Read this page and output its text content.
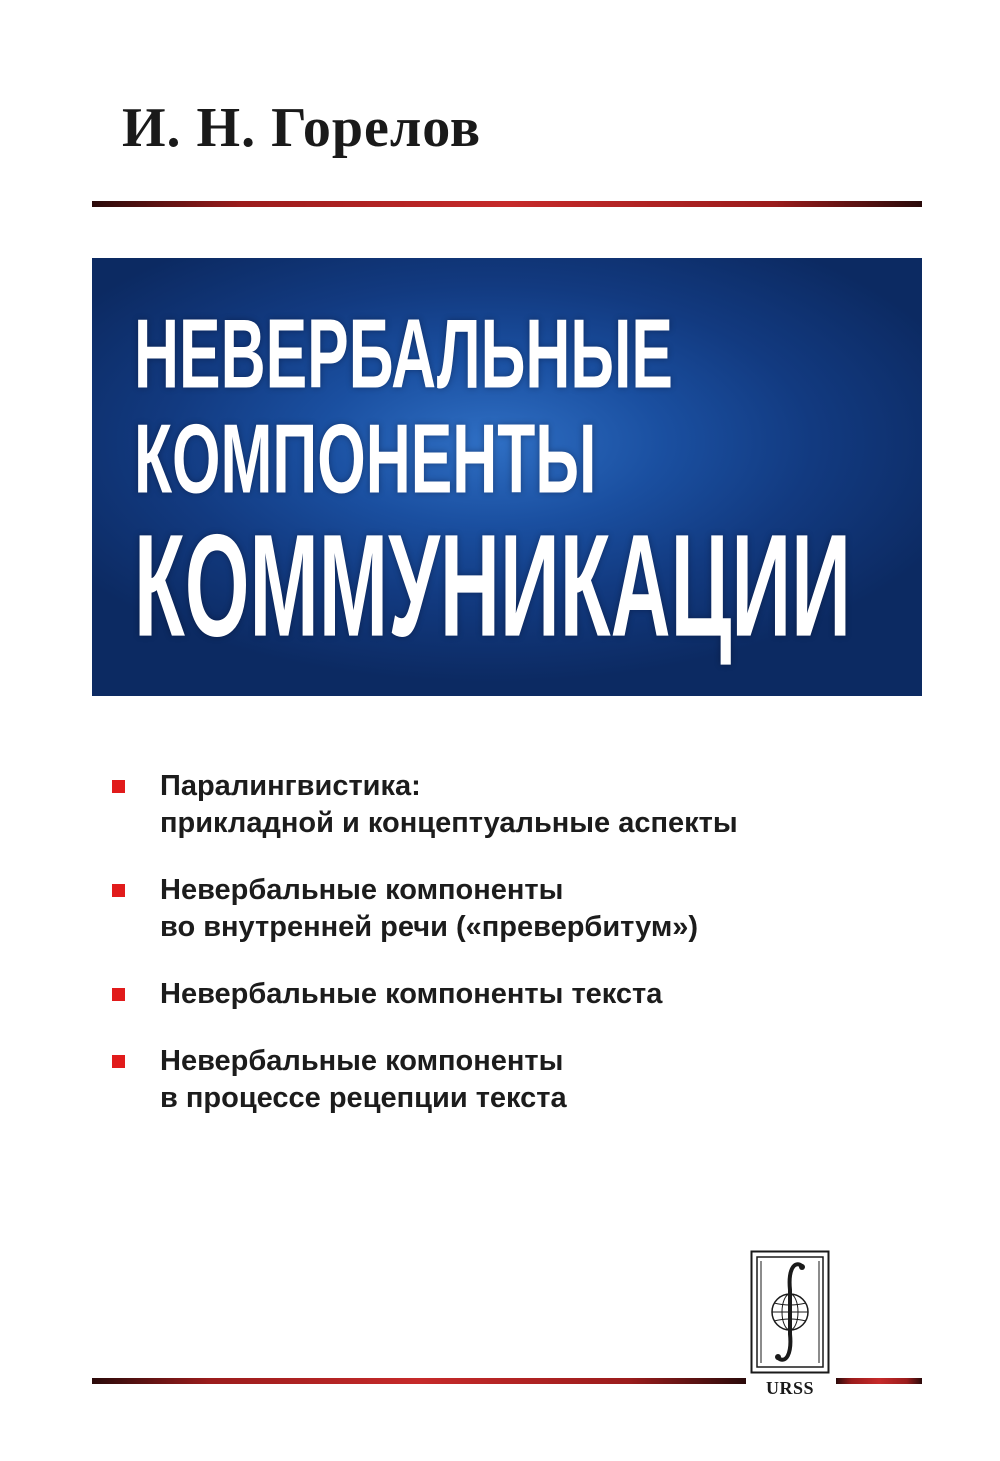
И. Н. Горелов
НЕВЕРБАЛЬНЫЕ
КОМПОНЕНТЫ
КОММУНИКАЦИИ
Паралингвистика:
прикладной и концептуальные аспекты
Невербальные компоненты
во внутренней речи («превербитум»)
Невербальные компоненты текста
Невербальные компоненты
в процессе рецепции текста
URSS
